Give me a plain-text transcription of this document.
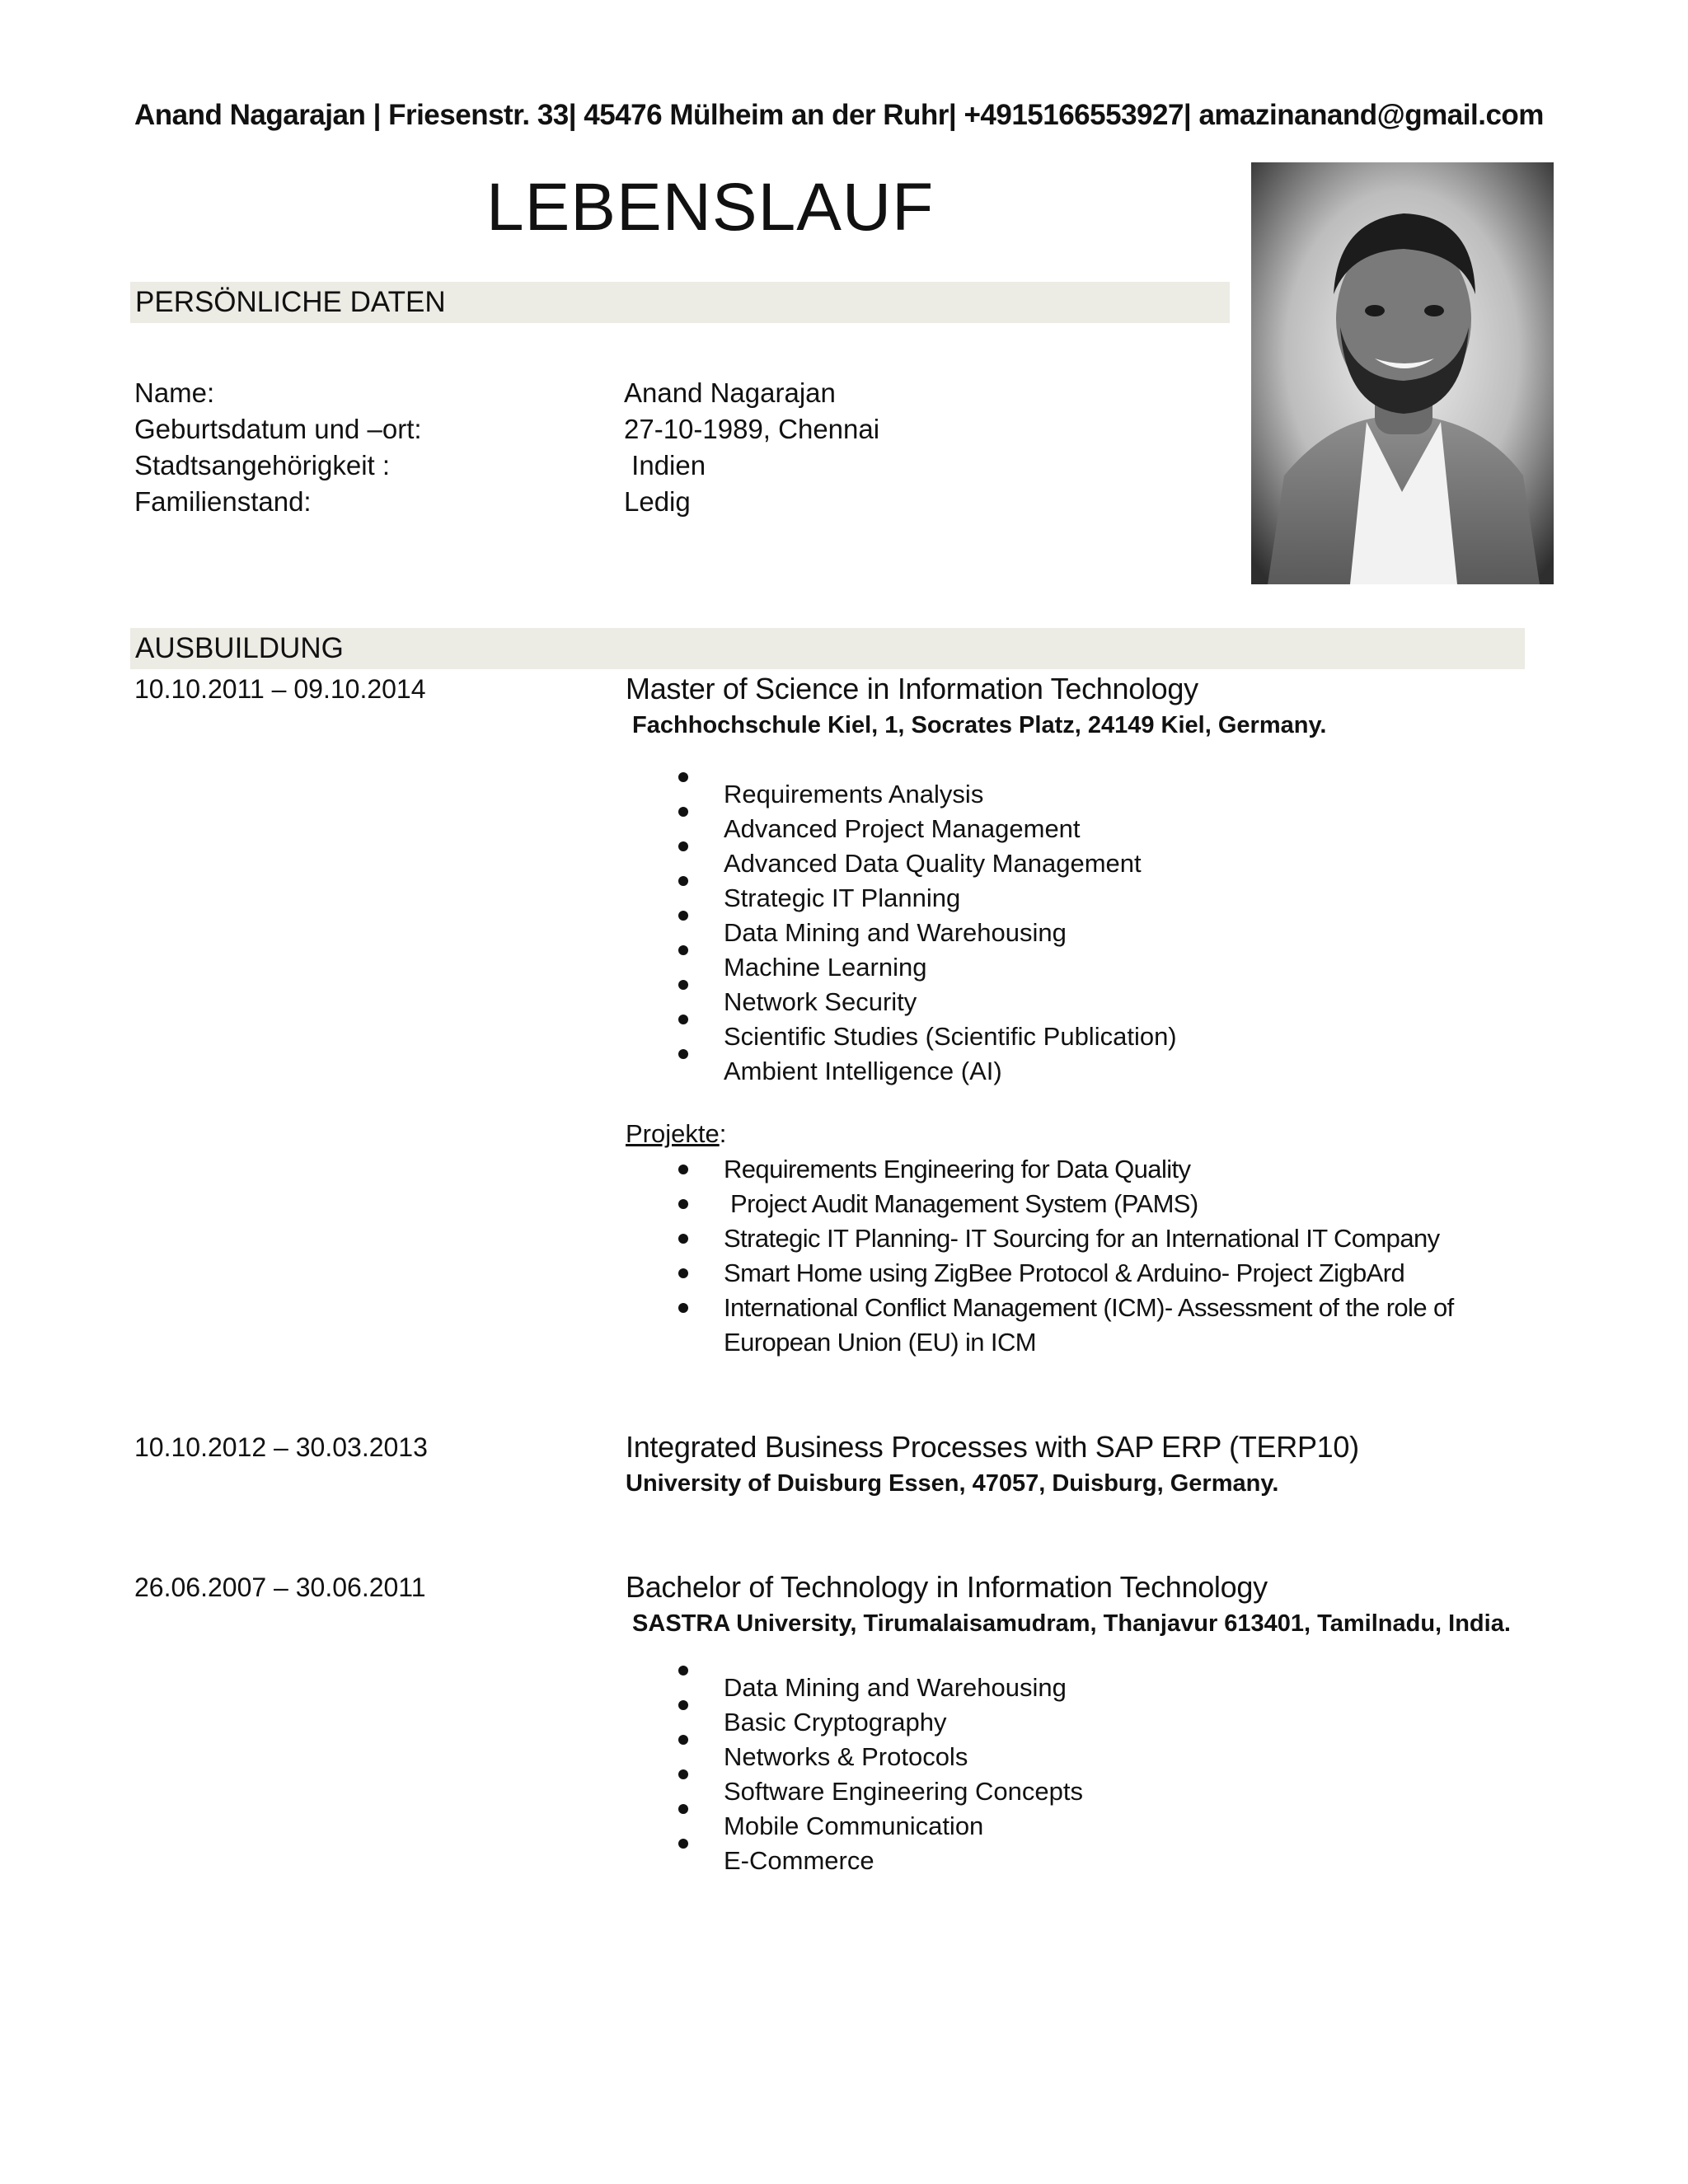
Anand Nagarajan | Friesenstr. 33| 45476 Mülheim an der Ruhr| +4915166553927| amazinanand@gmail.com
LEBENSLAUF
PERSÖNLICHE DATEN
Name:	Anand Nagarajan
Geburtsdatum und –ort:	27-10-1989, Chennai
Stadtsangehörigkeit :	Indien
Familienstand:	Ledig
AUSBUILDUNG
10.10.2011 – 09.10.2014	Master of Science in Information Technology
Fachhochschule Kiel, 1, Socrates Platz, 24149 Kiel, Germany.
Requirements Analysis
Advanced Project Management
Advanced Data Quality Management
Strategic IT Planning
Data Mining and Warehousing
Machine Learning
Network Security
Scientific Studies (Scientific Publication)
Ambient Intelligence (AI)
Projekte:
Requirements Engineering for Data Quality
Project Audit Management System (PAMS)
Strategic IT Planning- IT Sourcing for an International IT Company
Smart Home using ZigBee Protocol & Arduino- Project ZigbArd
International Conflict Management (ICM)- Assessment of the role of European Union (EU) in ICM
10.10.2012 – 30.03.2013	Integrated Business Processes with SAP ERP (TERP10)
University of Duisburg Essen, 47057, Duisburg, Germany.
26.06.2007 – 30.06.2011	Bachelor of Technology in Information Technology
SASTRA University, Tirumalaisamudram, Thanjavur 613401, Tamilnadu, India.
Data Mining and Warehousing
Basic Cryptography
Networks & Protocols
Software Engineering Concepts
Mobile Communication
E-Commerce
